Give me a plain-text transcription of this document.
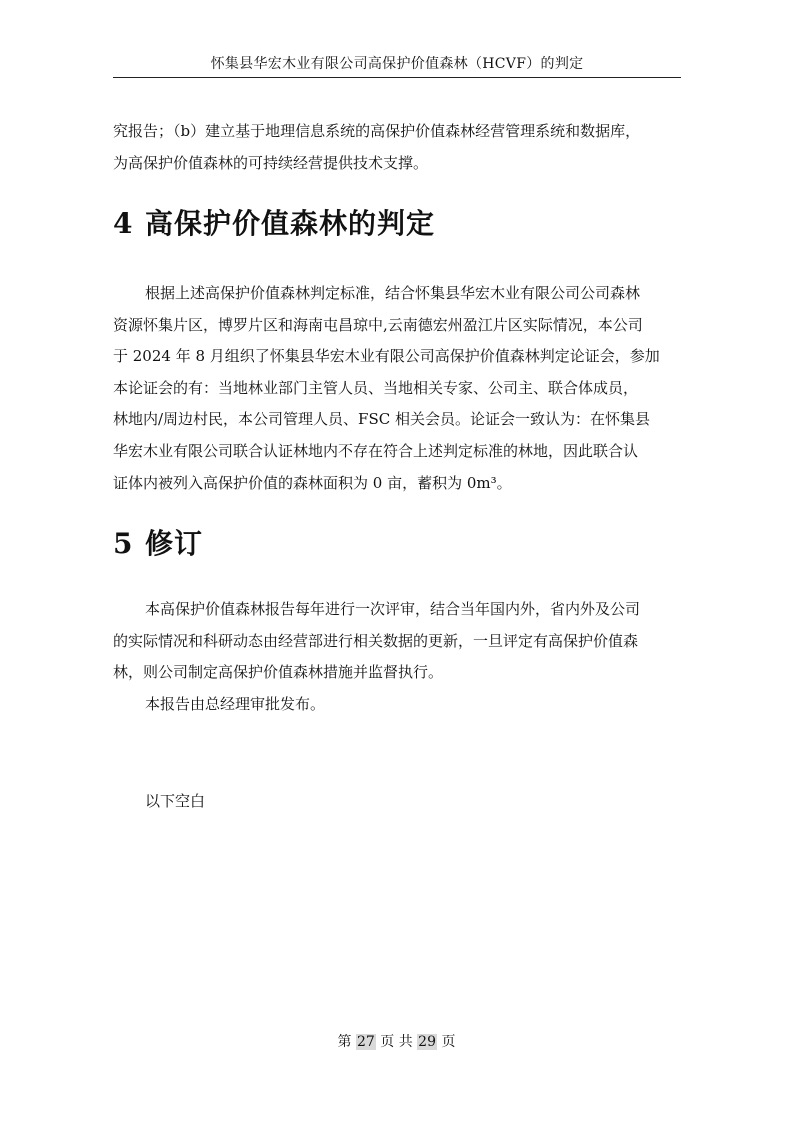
怀集县华宏木业有限公司高保护价值森林（HCVF）的判定
究报告；（b）建立基于地理信息系统的高保护价值森林经营管理系统和数据库，
为高保护价值森林的可持续经营提供技术支撑。
4 高保护价值森林的判定
根据上述高保护价值森林判定标准，结合怀集县华宏木业有限公司公司森林
资源怀集片区，博罗片区和海南屯昌琼中,云南德宏州盈江片区实际情况，本公司
于 2024 年 8 月组织了怀集县华宏木业有限公司高保护价值森林判定论证会，参加
本论证会的有：当地林业部门主管人员、当地相关专家、公司主、联合体成员，
林地内/周边村民，本公司管理人员、FSC 相关会员。论证会一致认为：在怀集县
华宏木业有限公司联合认证林地内不存在符合上述判定标准的林地，因此联合认
证体内被列入高保护价值的森林面积为 0 亩，蓄积为 0m³。
5 修订
本高保护价值森林报告每年进行一次评审，结合当年国内外，省内外及公司
的实际情况和科研动态由经营部进行相关数据的更新，一旦评定有高保护价值森
林，则公司制定高保护价值森林措施并监督执行。
本报告由总经理审批发布。
以下空白
第 27 页 共 29 页
